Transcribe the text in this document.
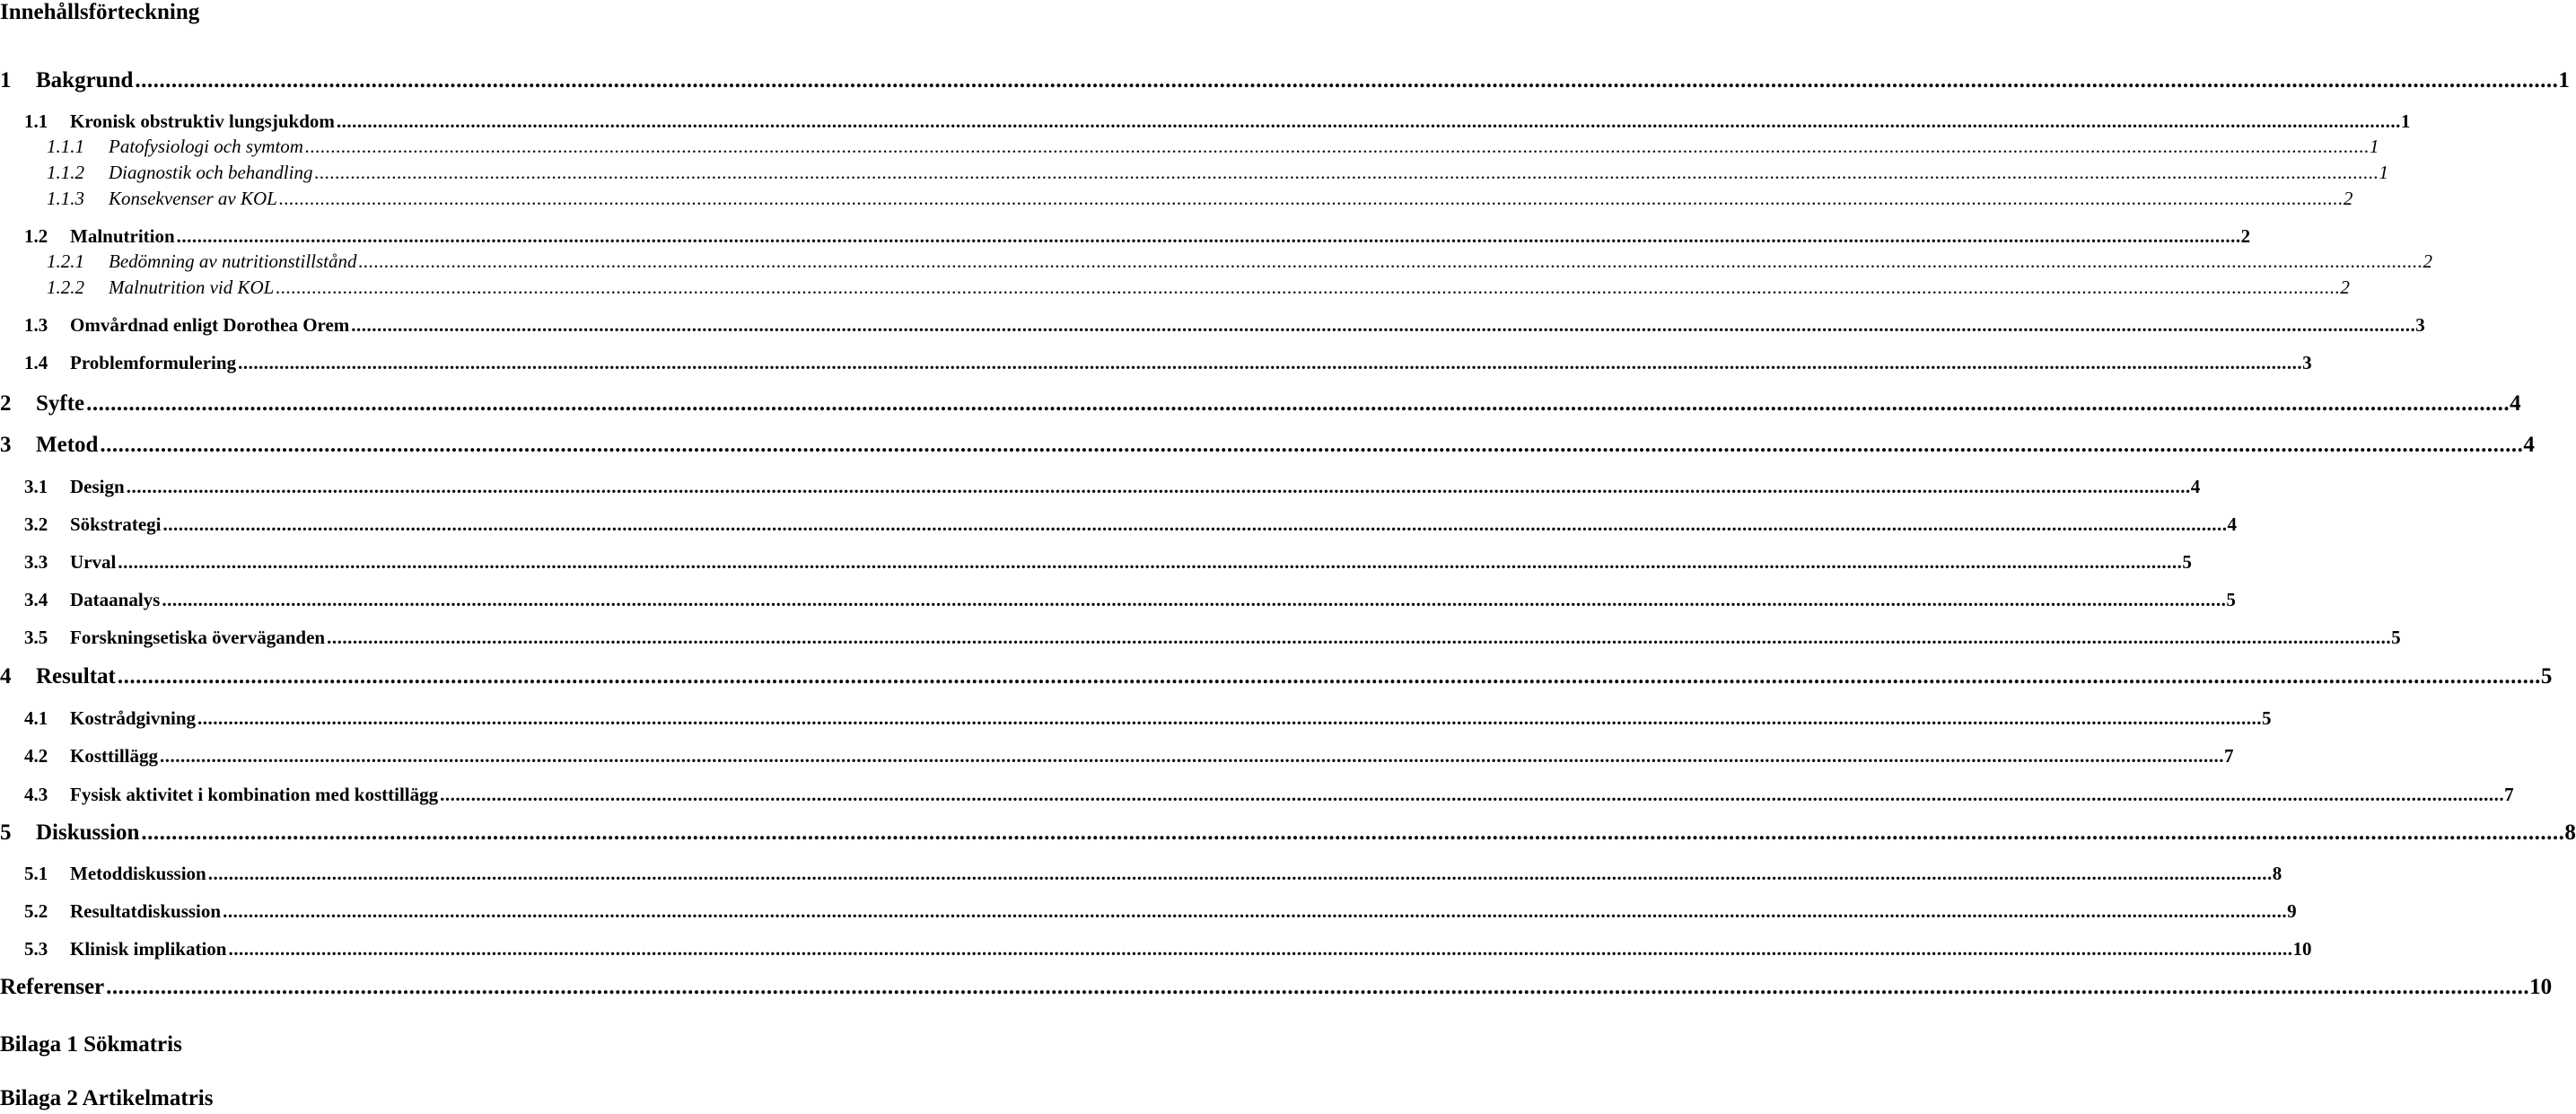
Innehållsförteckning
1	Bakgrund ................................................................................................................................................................................................................................................................................................................................................................................................................ 1
1.1	Kronisk obstruktiv lungsjukdom ................................................................................................................................................................................................................................................................................................................................................................................................................ 1
1.1.1	Patofysiologi och symtom ................................................................................................................................................................................................................................................................................................................................................................................................................ 1
1.1.2	Diagnostik och behandling ................................................................................................................................................................................................................................................................................................................................................................................................................ 1
1.1.3	Konsekvenser av KOL ................................................................................................................................................................................................................................................................................................................................................................................................................ 2
1.2	Malnutrition ................................................................................................................................................................................................................................................................................................................................................................................................................ 2
1.2.1	Bedömning av nutritionstillstånd ................................................................................................................................................................................................................................................................................................................................................................................................................ 2
1.2.2	Malnutrition vid KOL ................................................................................................................................................................................................................................................................................................................................................................................................................ 2
1.3	Omvårdnad enligt Dorothea Orem ................................................................................................................................................................................................................................................................................................................................................................................................................ 3
1.4	Problemformulering ................................................................................................................................................................................................................................................................................................................................................................................................................ 3
2	Syfte ................................................................................................................................................................................................................................................................................................................................................................................................................ 4
3	Metod ................................................................................................................................................................................................................................................................................................................................................................................................................ 4
3.1	Design ................................................................................................................................................................................................................................................................................................................................................................................................................ 4
3.2	Sökstrategi ................................................................................................................................................................................................................................................................................................................................................................................................................ 4
3.3	Urval ................................................................................................................................................................................................................................................................................................................................................................................................................ 5
3.4	Dataanalys ................................................................................................................................................................................................................................................................................................................................................................................................................ 5
3.5	Forskningsetiska överväganden ................................................................................................................................................................................................................................................................................................................................................................................................................ 5
4	Resultat ................................................................................................................................................................................................................................................................................................................................................................................................................ 5
4.1	Kostrådgivning ................................................................................................................................................................................................................................................................................................................................................................................................................ 5
4.2	Kosttillägg ................................................................................................................................................................................................................................................................................................................................................................................................................ 7
4.3	Fysisk aktivitet i kombination med kosttillägg ................................................................................................................................................................................................................................................................................................................................................................................................................ 7
5	Diskussion ................................................................................................................................................................................................................................................................................................................................................................................................................ 8
5.1	Metoddiskussion ................................................................................................................................................................................................................................................................................................................................................................................................................ 8
5.2	Resultatdiskussion ................................................................................................................................................................................................................................................................................................................................................................................................................ 9
5.3	Klinisk implikation ................................................................................................................................................................................................................................................................................................................................................................................................................ 10
Referenser ................................................................................................................................................................................................................................................................................................................................................................................................................ 10
Bilaga 1 Sökmatris
Bilaga 2 Artikelmatris
